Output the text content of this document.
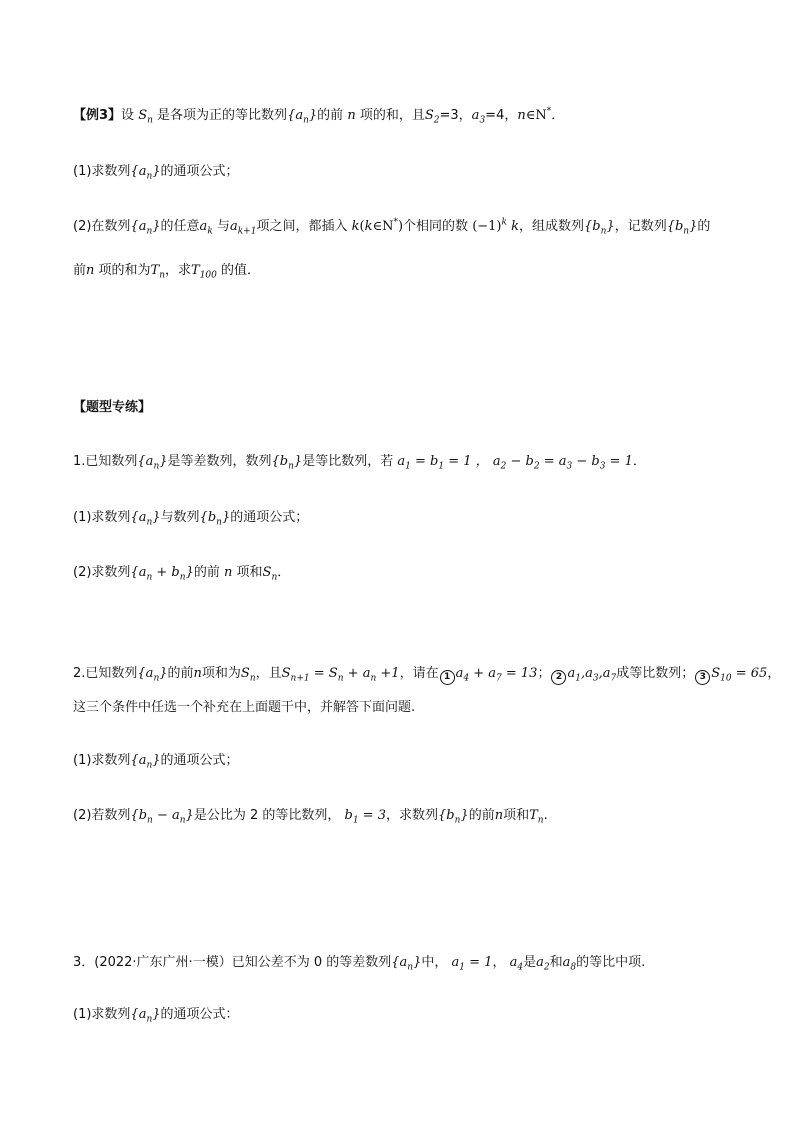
【例3】设 $S_n$ 是各项为正的等比数列$\{a_n\}$的前 n 项的和，且$S_2=3$，$a_3=4$，n∈N*．
(1)求数列$\{a_n\}$的通项公式；
(2)在数列$\{a_n\}$的任意$a_k$ 与$a_{k+1}$项之间，都插入 k(k∈N*)个相同的数 $(-1)^k$ k，组成数列$\{b_n\}$，记数列$\{b_n\}$的
前n 项的和为$T_n$，求$T_{100}$ 的值．
【题型专练】
1.已知数列$\{a_n\}$是等差数列，数列$\{b_n\}$是等比数列，若 $a_1 = b_1 = 1$ ， $a_2 - b_2 = a_3 - b_3 = 1$．
(1)求数列$\{a_n\}$与数列$\{b_n\}$的通项公式；
(2)求数列$\{a_n + b_n\}$的前 n 项和$S_n$．
2.已知数列$\{a_n\}$的前n项和为$S_n$，且$S_{n+1} = S_n + a_n +1$，请在 1 $a_4 + a_7 = 13$； 2 $a_1,a_3,a_7$成等比数列； 3 $S_{10} = 65$，
这三个条件中任选一个补充在上面题干中，并解答下面问题.
(1)求数列$\{a_n\}$的通项公式；
(2)若数列$\{b_n - a_n\}$是公比为 2 的等比数列， $b_1 = 3$，求数列$\{b_n\}$的前n项和$T_n$.
3．(2022·广东广州·一模）已知公差不为 0 的等差数列$\{a_n\}$中， $a_1 = 1$， $a_4$是$a_2$和$a_8$的等比中项.
(1)求数列$\{a_n\}$的通项公式：
